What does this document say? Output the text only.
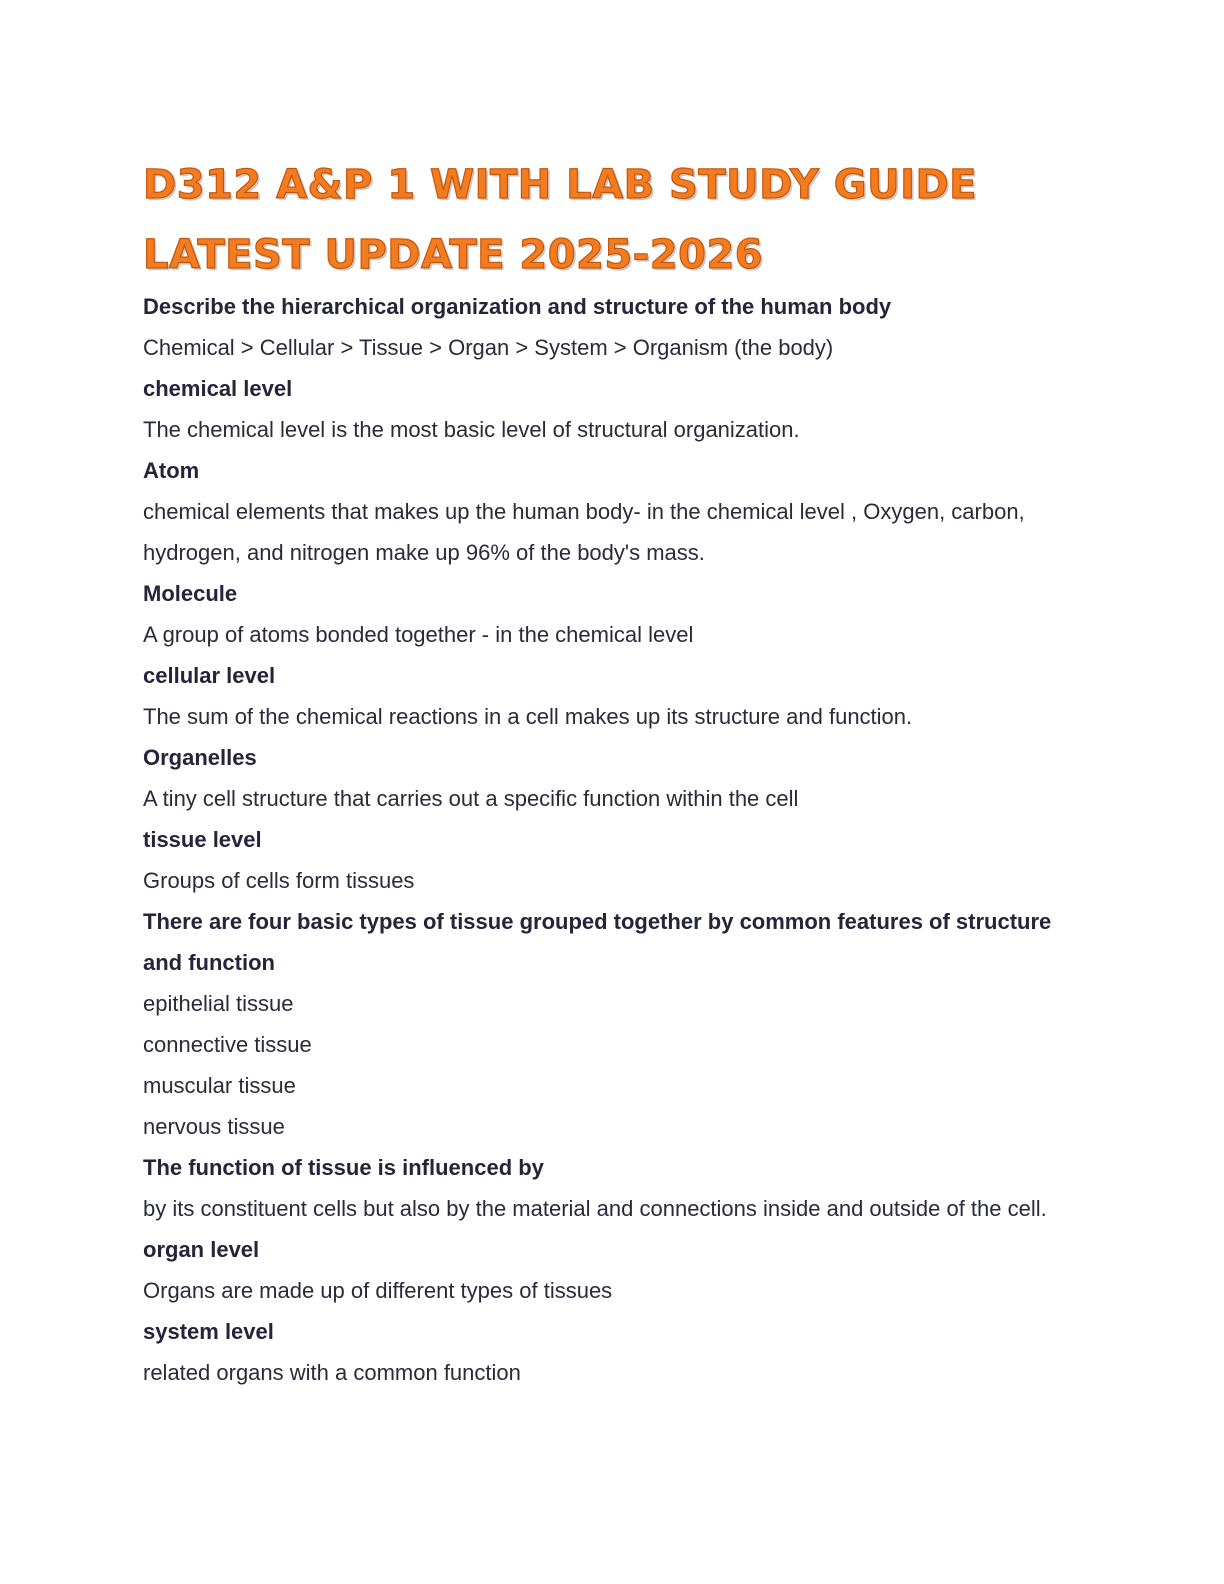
D312 A&P 1 WITH LAB STUDY GUIDE
LATEST UPDATE 2025-2026

Describe the hierarchical organization and structure of the human body

Chemical > Cellular > Tissue > Organ > System > Organism (the body)

chemical level

The chemical level is the most basic level of structural organization.

Atom

chemical elements that makes up the human body- in the chemical level , Oxygen, carbon, hydrogen, and nitrogen make up 96% of the body's mass.

Molecule

A group of atoms bonded together - in the chemical level

cellular level

The sum of the chemical reactions in a cell makes up its structure and function.

Organelles

A tiny cell structure that carries out a specific function within the cell

tissue level

Groups of cells form tissues

There are four basic types of tissue grouped together by common features of structure and function

epithelial tissue

connective tissue

muscular tissue

nervous tissue

The function of tissue is influenced by

by its constituent cells but also by the material and connections inside and outside of the cell.

organ level

Organs are made up of different types of tissues

system level

related organs with a common function
